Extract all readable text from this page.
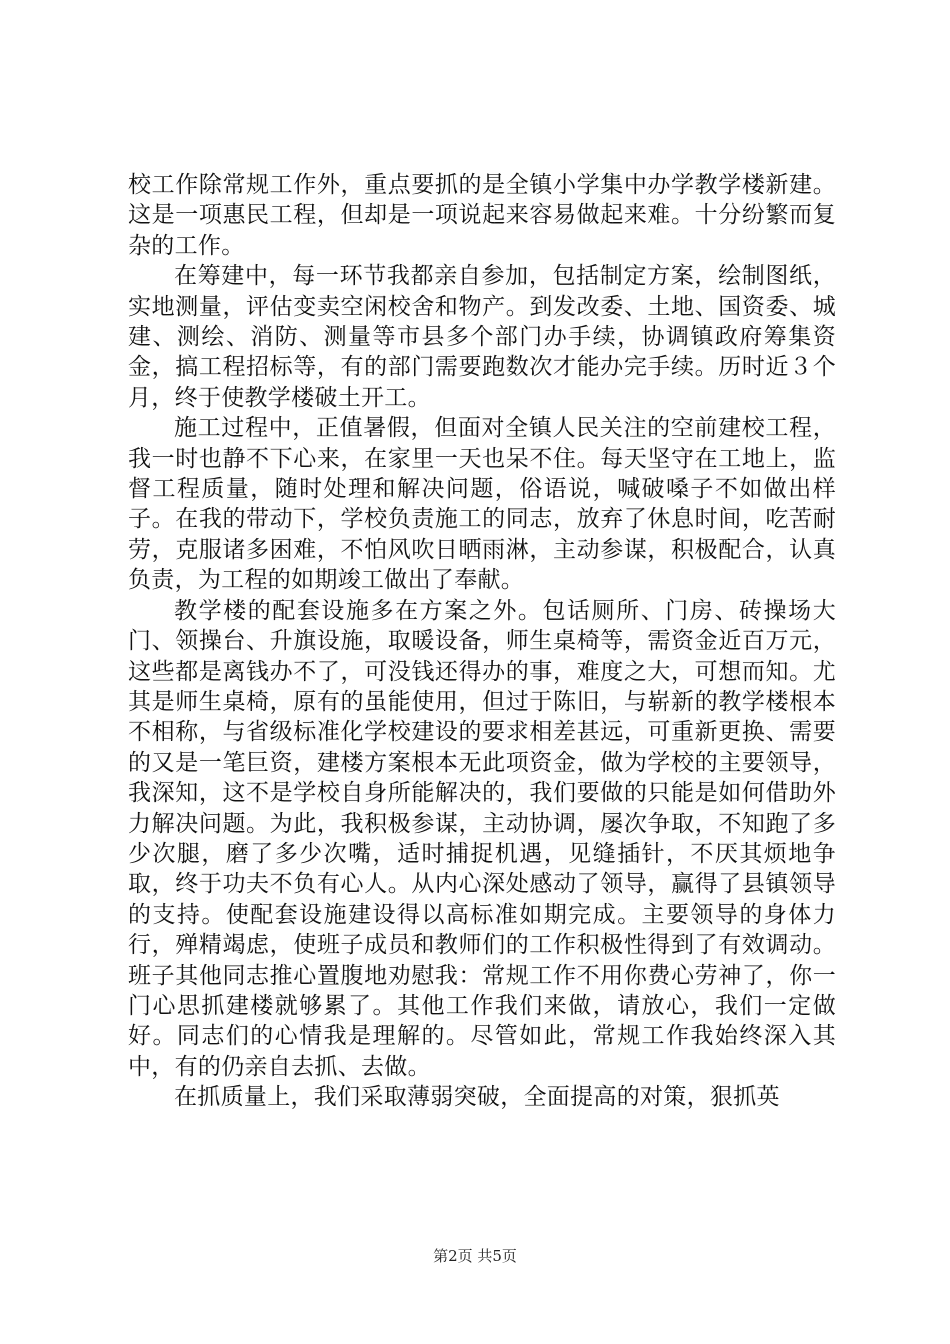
校工作除常规工作外，重点要抓的是全镇小学集中办学教学楼新建。这是一项惠民工程，但却是一项说起来容易做起来难。十分纷繁而复杂的工作。

在筹建中，每一环节我都亲自参加，包括制定方案，绘制图纸，实地测量，评估变卖空闲校舍和物产。到发改委、土地、国资委、城建、测绘、消防、测量等市县多个部门办手续，协调镇政府筹集资金，搞工程招标等，有的部门需要跑数次才能办完手续。历时近３个月，终于使教学楼破土开工。

施工过程中，正值暑假，但面对全镇人民关注的空前建校工程，我一时也静不下心来，在家里一天也呆不住。每天坚守在工地上，监督工程质量，随时处理和解决问题，俗语说，喊破嗓子不如做出样子。在我的带动下，学校负责施工的同志，放弃了休息时间，吃苦耐劳，克服诸多困难，不怕风吹日晒雨淋，主动参谋，积极配合，认真负责，为工程的如期竣工做出了奉献。

教学楼的配套设施多在方案之外。包话厕所、门房、砖操场大门、领操台、升旗设施，取暖设备，师生桌椅等，需资金近百万元，这些都是离钱办不了，可没钱还得办的事，难度之大，可想而知。尤其是师生桌椅，原有的虽能使用，但过于陈旧，与崭新的教学楼根本不相称，与省级标准化学校建设的要求相差甚远，可重新更换、需要的又是一笔巨资，建楼方案根本无此项资金，做为学校的主要领导，我深知，这不是学校自身所能解决的，我们要做的只能是如何借助外力解决问题。为此，我积极参谋，主动协调，屡次争取，不知跑了多少次腿，磨了多少次嘴，适时捕捉机遇，见缝插针，不厌其烦地争取，终于功夫不负有心人。从内心深处感动了领导，赢得了县镇领导的支持。使配套设施建设得以高标准如期完成。主要领导的身体力行，殚精竭虑，使班子成员和教师们的工作积极性得到了有效调动。班子其他同志推心置腹地劝慰我：常规工作不用你费心劳神了，你一门心思抓建楼就够累了。其他工作我们来做，请放心，我们一定做好。同志们的心情我是理解的。尽管如此，常规工作我始终深入其中，有的仍亲自去抓、去做。

在抓质量上，我们采取薄弱突破，全面提高的对策，狠抓英

第2页 共5页
